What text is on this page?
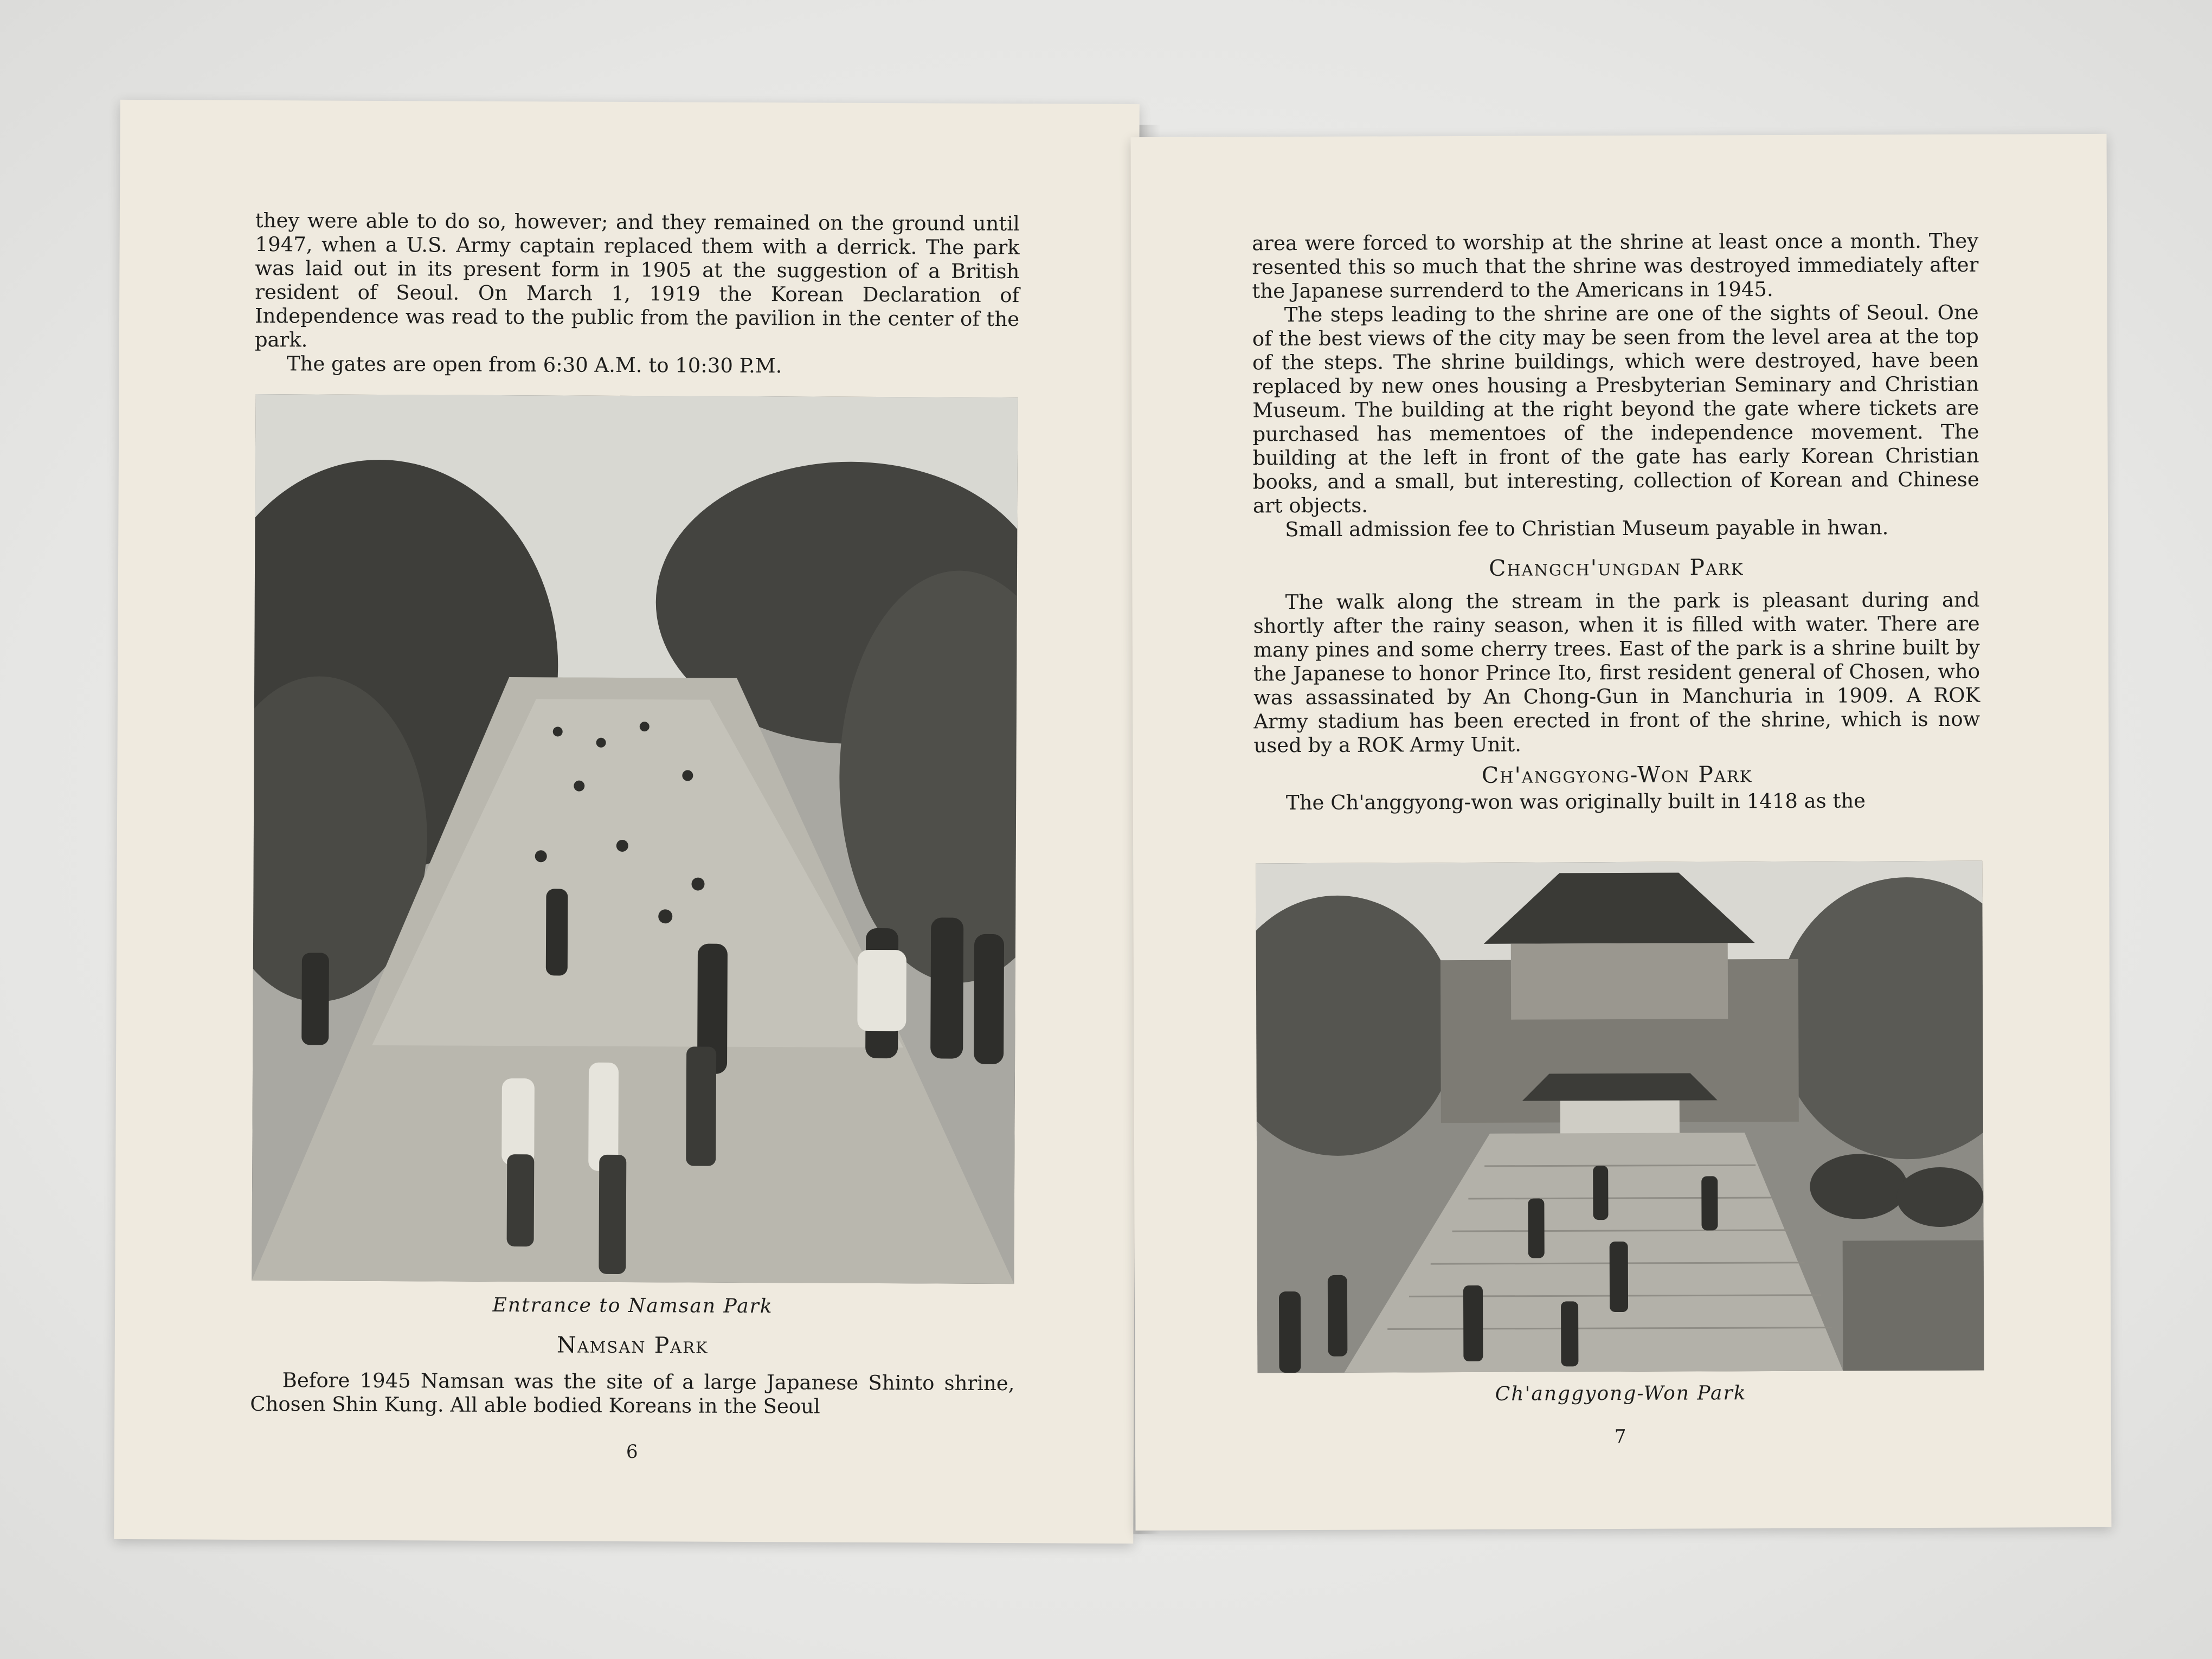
they were able to do so, however; and they remained on the ground until 1947, when a U.S. Army captain replaced them with a derrick. The park was laid out in its present form in 1905 at the suggestion of a British resident of Seoul. On March 1, 1919 the Korean Declaration of Independence was read to the public from the pavilion in the center of the park.

The gates are open from 6:30 A.M. to 10:30 P.M.

Entrance to Namsan Park

Namsan Park

Before 1945 Namsan was the site of a large Japanese Shinto shrine, Chosen Shin Kung. All able bodied Koreans in the Seoul

6

area were forced to worship at the shrine at least once a month. They resented this so much that the shrine was destroyed immediately after the Japanese surrenderd to the Americans in 1945.

The steps leading to the shrine are one of the sights of Seoul. One of the best views of the city may be seen from the level area at the top of the steps. The shrine buildings, which were destroyed, have been replaced by new ones housing a Presbyterian Seminary and Christian Museum. The building at the right beyond the gate where tickets are purchased has mementoes of the independence movement. The building at the left in front of the gate has early Korean Christian books, and a small, but interesting, collection of Korean and Chinese art objects.

Small admission fee to Christian Museum payable in hwan.

Changch'ungdan Park

The walk along the stream in the park is pleasant during and shortly after the rainy season, when it is filled with water. There are many pines and some cherry trees. East of the park is a shrine built by the Japanese to honor Prince Ito, first resident general of Chosen, who was assassinated by An Chong-Gun in Manchuria in 1909. A ROK Army stadium has been erected in front of the shrine, which is now used by a ROK Army Unit.

Ch'anggyong-Won Park

The Ch'anggyong-won was originally built in 1418 as the

Ch'anggyong-Won Park

7
